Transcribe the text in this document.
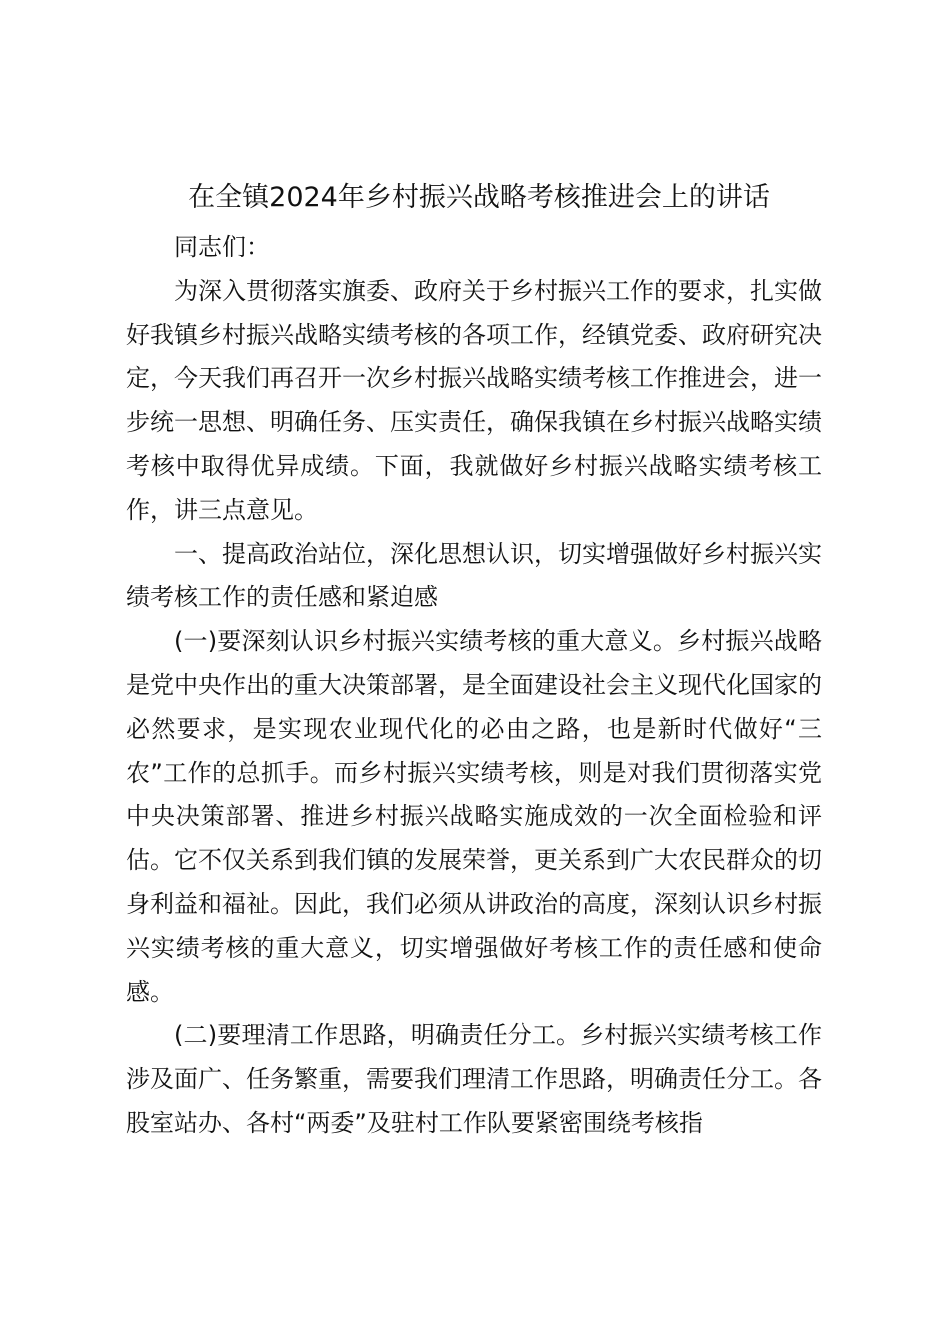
在全镇2024年乡村振兴战略考核推进会上的讲话

同志们：

为深入贯彻落实旗委、政府关于乡村振兴工作的要求，扎实做好我镇乡村振兴战略实绩考核的各项工作，经镇党委、政府研究决定，今天我们再召开一次乡村振兴战略实绩考核工作推进会，进一步统一思想、明确任务、压实责任，确保我镇在乡村振兴战略实绩考核中取得优异成绩。下面，我就做好乡村振兴战略实绩考核工作，讲三点意见。

一、提高政治站位，深化思想认识，切实增强做好乡村振兴实绩考核工作的责任感和紧迫感

(一)要深刻认识乡村振兴实绩考核的重大意义。乡村振兴战略是党中央作出的重大决策部署，是全面建设社会主义现代化国家的必然要求，是实现农业现代化的必由之路，也是新时代做好“三农”工作的总抓手。而乡村振兴实绩考核，则是对我们贯彻落实党中央决策部署、推进乡村振兴战略实施成效的一次全面检验和评估。它不仅关系到我们镇的发展荣誉，更关系到广大农民群众的切身利益和福祉。因此，我们必须从讲政治的高度，深刻认识乡村振兴实绩考核的重大意义，切实增强做好考核工作的责任感和使命感。

(二)要理清工作思路，明确责任分工。乡村振兴实绩考核工作涉及面广、任务繁重，需要我们理清工作思路，明确责任分工。各股室站办、各村“两委”及驻村工作队要紧密围绕考核指
